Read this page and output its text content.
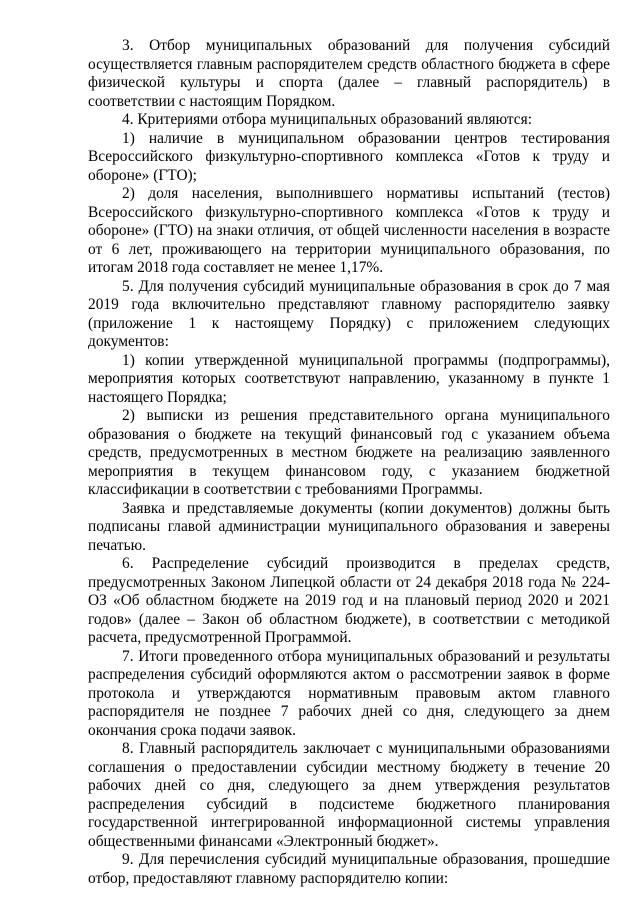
3. Отбор муниципальных образований для получения субсидий осуществляется главным распорядителем средств областного бюджета в сфере физической культуры и спорта (далее – главный распорядитель) в соответствии с настоящим Порядком.

4. Критериями отбора муниципальных образований являются:

1) наличие в муниципальном образовании центров тестирования Всероссийского физкультурно-спортивного комплекса «Готов к труду и обороне» (ГТО);

2) доля населения, выполнившего нормативы испытаний (тестов) Всероссийского физкультурно-спортивного комплекса «Готов к труду и обороне» (ГТО) на знаки отличия, от общей численности населения в возрасте от 6 лет, проживающего на территории муниципального образования, по итогам 2018 года составляет не менее 1,17%.

5. Для получения субсидий муниципальные образования в срок до 7 мая 2019 года включительно представляют главному распорядителю заявку (приложение 1 к настоящему Порядку) с приложением следующих документов:

1) копии утвержденной муниципальной программы (подпрограммы), мероприятия которых соответствуют направлению, указанному в пункте 1 настоящего Порядка;

2) выписки из решения представительного органа муниципального образования о бюджете на текущий финансовый год с указанием объема средств, предусмотренных в местном бюджете на реализацию заявленного мероприятия в текущем финансовом году, с указанием бюджетной классификации в соответствии с требованиями Программы.

Заявка и представляемые документы (копии документов) должны быть подписаны главой администрации муниципального образования и заверены печатью.

6. Распределение субсидий производится в пределах средств, предусмотренных Законом Липецкой области от 24 декабря 2018 года № 224-ОЗ «Об областном бюджете на 2019 год и на плановый период 2020 и 2021 годов» (далее – Закон об областном бюджете), в соответствии с методикой расчета, предусмотренной Программой.

7. Итоги проведенного отбора муниципальных образований и результаты распределения субсидий оформляются актом о рассмотрении заявок в форме протокола и утверждаются нормативным правовым актом главного распорядителя не позднее 7 рабочих дней со дня, следующего за днем окончания срока подачи заявок.

8. Главный распорядитель заключает с муниципальными образованиями соглашения о предоставлении субсидии местному бюджету в течение 20 рабочих дней со дня, следующего за днем утверждения результатов распределения субсидий в подсистеме бюджетного планирования государственной интегрированной информационной системы управления общественными финансами «Электронный бюджет».

9. Для перечисления субсидий муниципальные образования, прошедшие отбор, предоставляют главному распорядителю копии:
